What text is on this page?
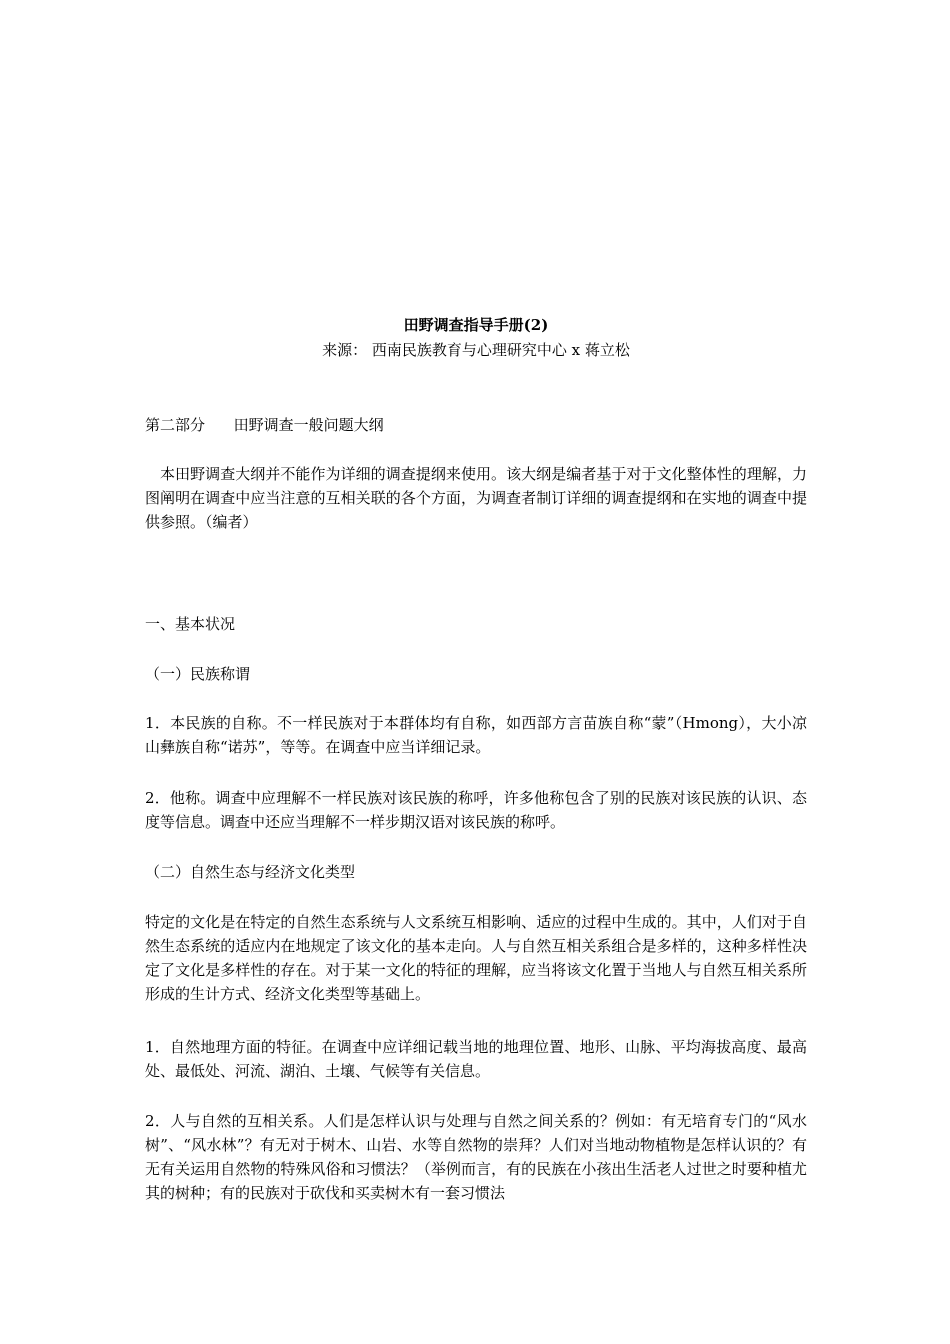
田野调查指导手册(2)
来源： 西南民族教育与心理研究中心 x 蒋立松
第二部分      田野调查一般问题大纲
本田野调查大纲并不能作为详细的调查提纲来使用。该大纲是编者基于对于文化整体性的理解，力图阐明在调查中应当注意的互相关联的各个方面，为调查者制订详细的调查提纲和在实地的调查中提供参照。（编者）
一、基本状况
（一）民族称谓
1．本民族的自称。不一样民族对于本群体均有自称，如西部方言苗族自称“蒙”（Hmong），大小凉山彝族自称“诺苏”，等等。在调查中应当详细记录。
2．他称。调查中应理解不一样民族对该民族的称呼，许多他称包含了别的民族对该民族的认识、态度等信息。调查中还应当理解不一样步期汉语对该民族的称呼。
（二）自然生态与经济文化类型
特定的文化是在特定的自然生态系统与人文系统互相影响、适应的过程中生成的。其中，人们对于自然生态系统的适应内在地规定了该文化的基本走向。人与自然互相关系组合是多样的，这种多样性决定了文化是多样性的存在。对于某一文化的特征的理解，应当将该文化置于当地人与自然互相关系所形成的生计方式、经济文化类型等基础上。
1．自然地理方面的特征。在调查中应详细记载当地的地理位置、地形、山脉、平均海拔高度、最高处、最低处、河流、湖泊、土壤、气候等有关信息。
2．人与自然的互相关系。人们是怎样认识与处理与自然之间关系的？例如：有无培育专门的“风水树”、“风水林”？有无对于树木、山岩、水等自然物的崇拜？人们对当地动物植物是怎样认识的？有无有关运用自然物的特殊风俗和习惯法？（举例而言，有的民族在小孩出生活老人过世之时要种植尤其的树种；有的民族对于砍伐和买卖树木有一套习惯法
